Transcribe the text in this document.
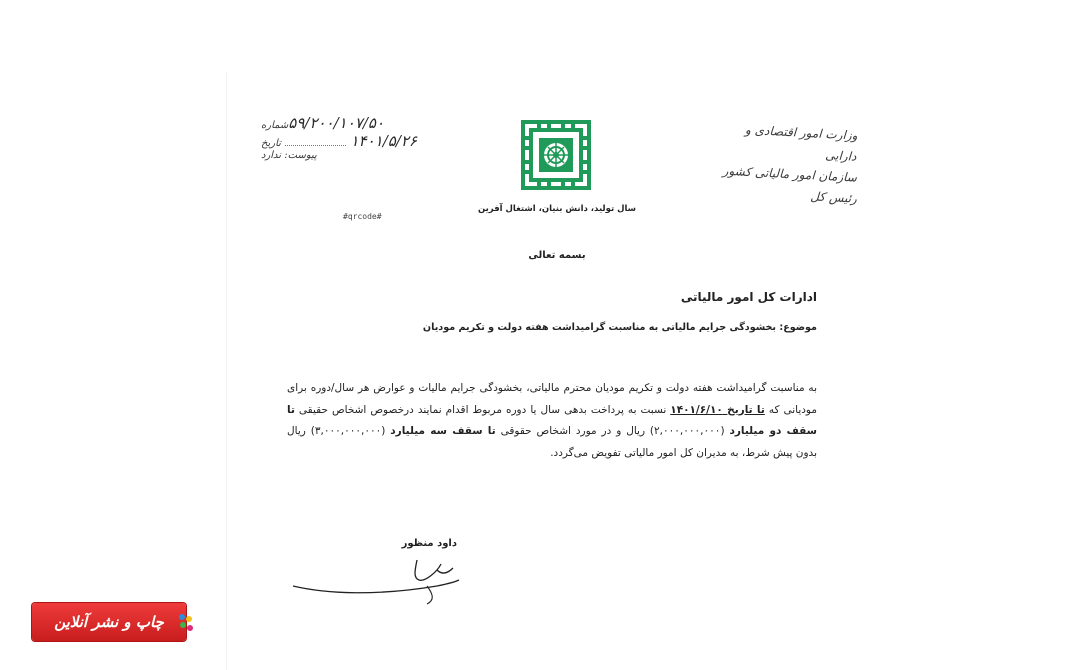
وزارت امور اقتصادی و دارایی
سازمان امور مالیاتی کشور
رئیس کل
سال تولید، دانش بنیان، اشتغال آفرین
شماره ۵۹/۲۰۰/۱۰۷/۵۰
تاریخ	۱۴۰۱/۵/۲۶
پیوست: ندارد
#qrcode#
بسمه تعالی
ادارات کل امور مالیاتی
موضوع: بخشودگی جرایم مالیاتی به مناسبت گرامیداشت هفته دولت و تکریم مودیان
به مناسبت گرامیداشت هفته دولت و تکریم مودیان محترم مالیاتی، بخشودگی جرایم مالیات و عوارض هر سال/دوره برای مودیانی که تا تاریخ ۱۴۰۱/۶/۱۰ نسبت به پرداخت بدهی سال یا دوره مربوط اقدام نمایند درخصوص اشخاص حقیقی تا سقف دو میلیارد (۲,۰۰۰,۰۰۰,۰۰۰) ریال و در مورد اشخاص حقوقی تا سقف سه میلیارد (۳,۰۰۰,۰۰۰,۰۰۰) ریال بدون پیش شرط، به مدیران کل امور مالیاتی تفویض می‌گردد.
داود منظور
چاپ و نشر آنلاین
